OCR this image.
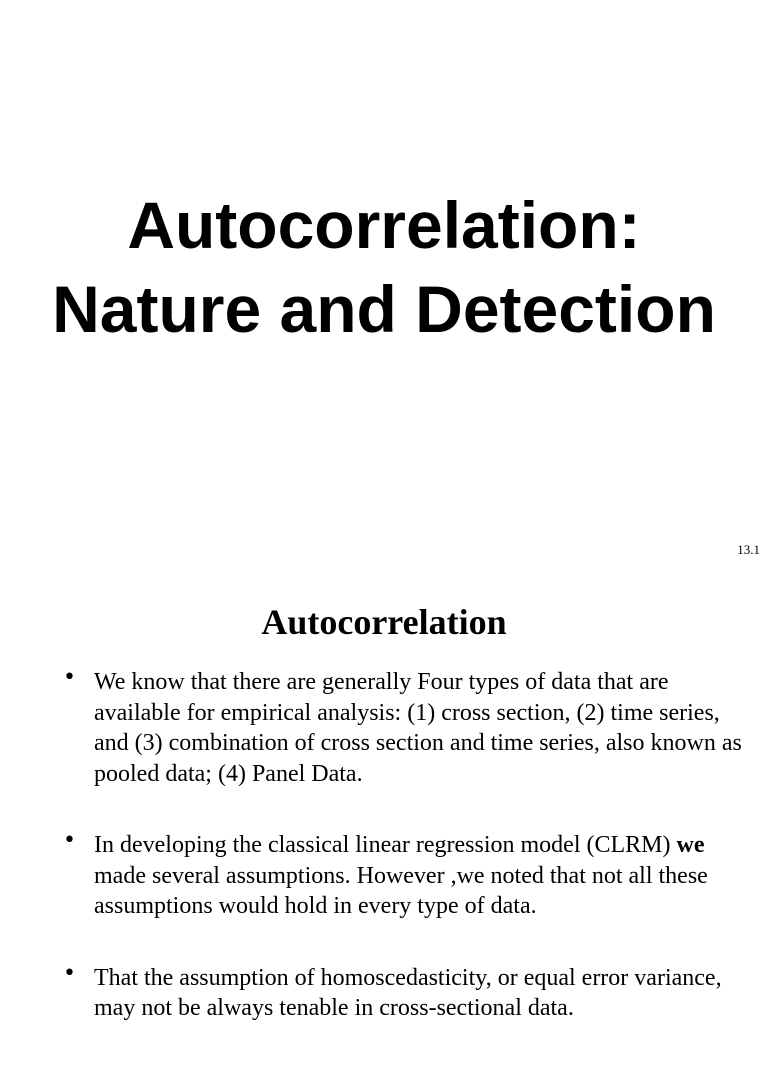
Autocorrelation:
Nature and Detection
13.1
Autocorrelation
• We know that there are generally Four types of data that are available for empirical analysis: (1) cross section, (2) time series, and (3) combination of cross section and time series, also known as pooled data; (4) Panel Data.
• In developing the classical linear regression model (CLRM) we made several assumptions. However ,we noted that not all these assumptions would hold in every type of data.
• That the assumption of homoscedasticity, or equal error variance, may not be always tenable in cross-sectional data.
